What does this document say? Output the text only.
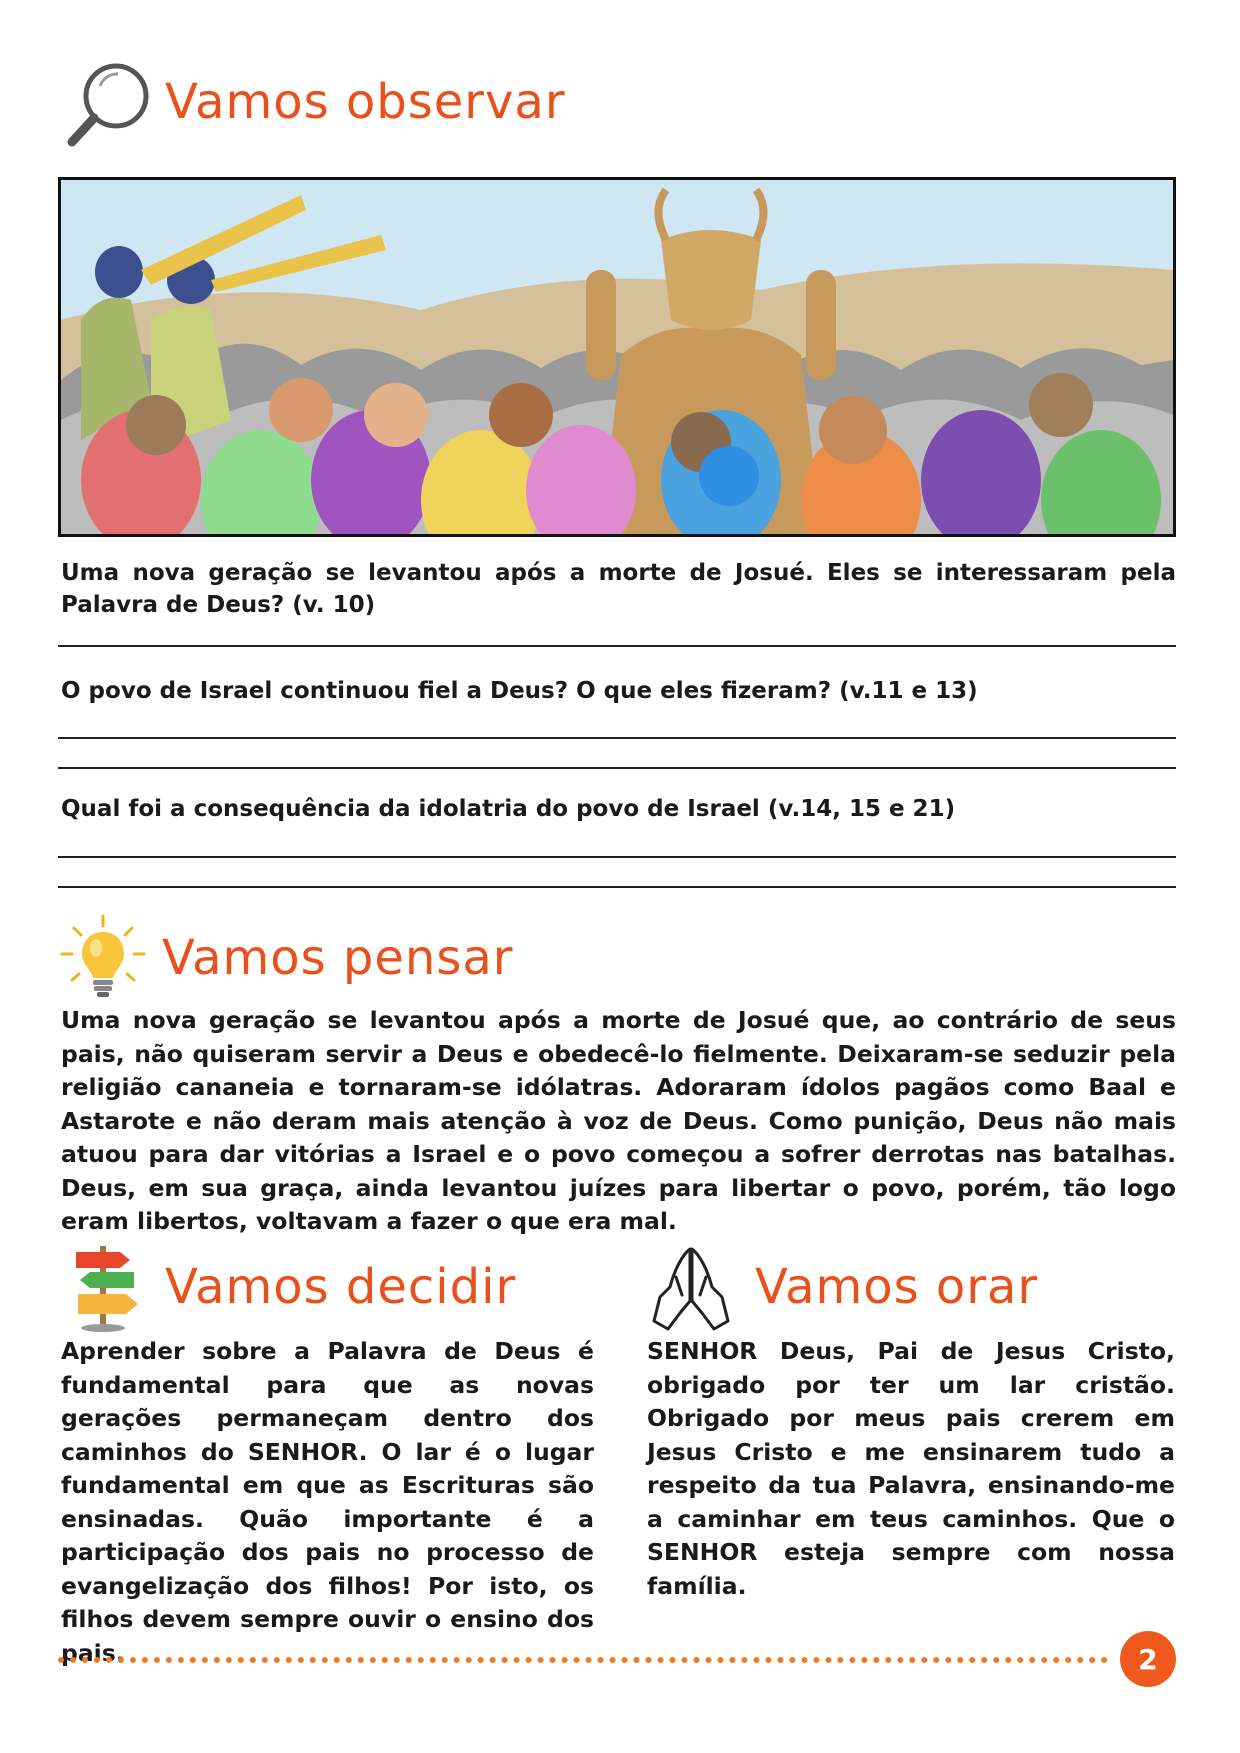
Vamos observar

Uma nova geração se levantou após a morte de Josué. Eles se interessaram pela Palavra de Deus? (v. 10)

O povo de Israel continuou fiel a Deus? O que eles fizeram? (v.11 e 13)

Qual foi a consequência da idolatria do povo de Israel (v.14, 15 e 21)

Vamos pensar

Uma nova geração se levantou após a morte de Josué que, ao contrário de seus pais, não quiseram servir a Deus e obedecê-lo fielmente. Deixaram-se seduzir pela religião cananeia e tornaram-se idólatras. Adoraram ídolos pagãos como Baal e Astarote e não deram mais atenção à voz de Deus. Como punição, Deus não mais atuou para dar vitórias a Israel e o povo começou a sofrer derrotas nas batalhas. Deus, em sua graça, ainda levantou juízes para libertar o povo, porém, tão logo eram libertos, voltavam a fazer o que era mal.

Vamos decidir

Aprender sobre a Palavra de Deus é fundamental para que as novas gerações permaneçam dentro dos caminhos do SENHOR. O lar é o lugar fundamental em que as Escrituras são ensinadas. Quão importante é a participação dos pais no processo de evangelização dos filhos! Por isto, os filhos devem sempre ouvir o ensino dos pais.

Vamos orar

SENHOR Deus, Pai de Jesus Cristo, obrigado por ter um lar cristão. Obrigado por meus pais crerem em Jesus Cristo e me ensinarem tudo a respeito da tua Palavra, ensinando-me a caminhar em teus caminhos. Que o SENHOR esteja sempre com nossa família.

2
